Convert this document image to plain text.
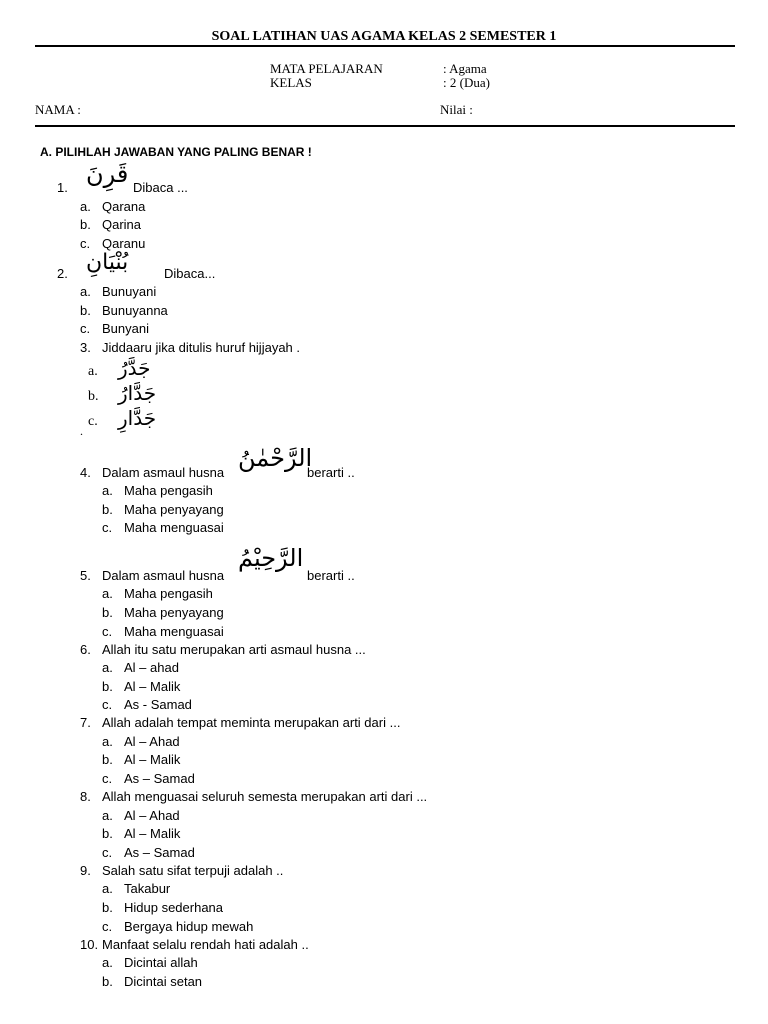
SOAL LATIHAN UAS AGAMA KELAS 2 SEMESTER 1
MATA PELAJARAN	: Agama
KELAS	: 2 (Dua)
NAMA :	Nilai :
A. PILIHLAH JAWABAN YANG PALING BENAR !
1. قَرِنَ Dibaca ...
a. Qarana
b. Qarina
c. Qaranu
2. بُنْيَانِ	Dibaca...
a. Bunuyani
b. Bunuyanna
c. Bunyani
3. Jiddaaru jika ditulis huruf hijjayah .
a. جَدَّرُ
b. جَدَّارُ
c. جَدَّارِ
.
4. Dalam asmaul husna
الرَّحْمٰنُ
berarti ..
a. Maha pengasih
b. Maha penyayang
c. Maha menguasai
5. Dalam asmaul husna
الرَّحِيْمُ
berarti ..
a. Maha pengasih
b. Maha penyayang
c. Maha menguasai
6. Allah itu satu merupakan arti asmaul husna ...
a. Al – ahad
b. Al – Malik
c. As - Samad
7. Allah adalah tempat meminta merupakan arti dari ...
a. Al – Ahad
b. Al – Malik
c. As – Samad
8. Allah menguasai seluruh semesta merupakan arti dari ...
a. Al – Ahad
b. Al – Malik
c. As – Samad
9. Salah satu sifat terpuji adalah ..
a. Takabur
b. Hidup sederhana
c. Bergaya hidup mewah
10. Manfaat selalu rendah hati adalah ..
a. Dicintai allah
b. Dicintai setan
